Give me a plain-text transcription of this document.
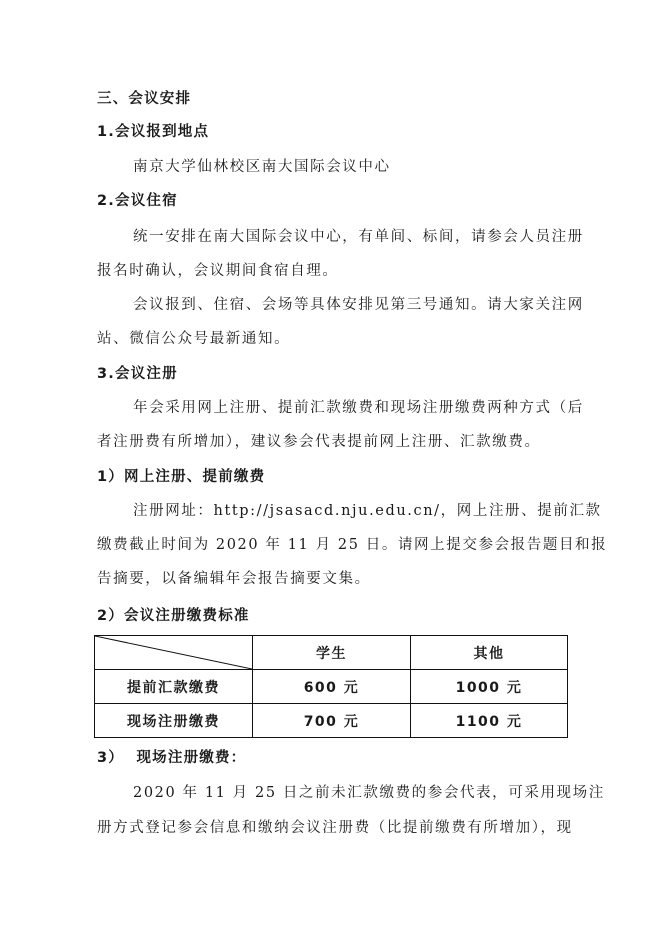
三、会议安排
1.会议报到地点
南京大学仙林校区南大国际会议中心
2.会议住宿
统一安排在南大国际会议中心，有单间、标间，请参会人员注册
报名时确认，会议期间食宿自理。
会议报到、住宿、会场等具体安排见第三号通知。请大家关注网
站、微信公众号最新通知。
3.会议注册
年会采用网上注册、提前汇款缴费和现场注册缴费两种方式（后
者注册费有所增加），建议参会代表提前网上注册、汇款缴费。
1）网上注册、提前缴费
注册网址：http://jsasacd.nju.edu.cn/，网上注册、提前汇款
缴费截止时间为 2020 年 11 月 25 日。请网上提交参会报告题目和报
告摘要，以备编辑年会报告摘要文集。
2）会议注册缴费标准
	学生	其他
提前汇款缴费	600 元	1000 元
现场注册缴费	700 元	1100 元
3）  现场注册缴费：
2020 年 11 月 25 日之前未汇款缴费的参会代表，可采用现场注
册方式登记参会信息和缴纳会议注册费（比提前缴费有所增加），现
